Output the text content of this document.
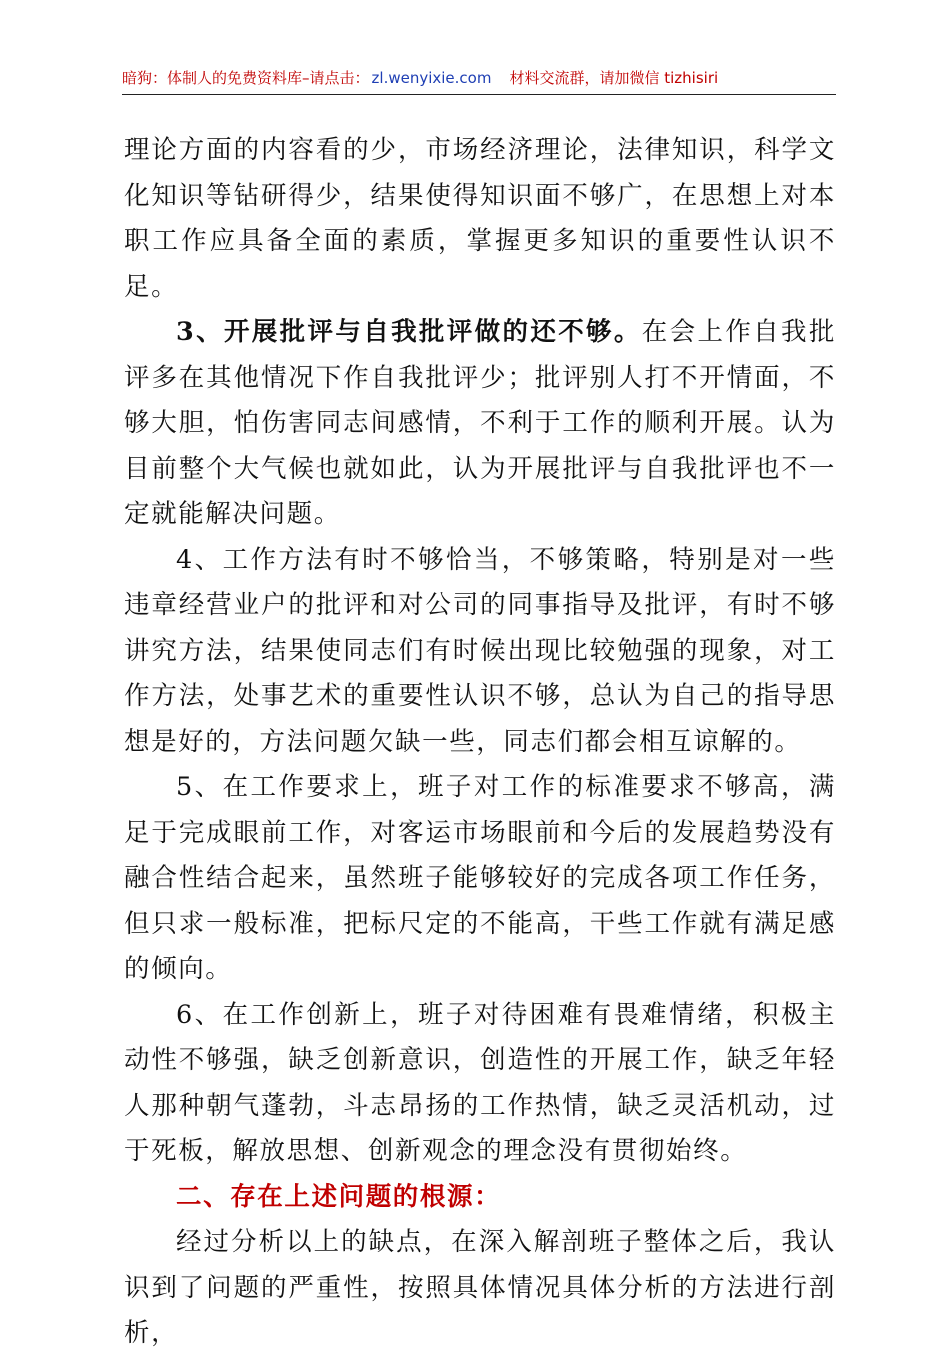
暗狗：体制人的免费资料库–请点击： zl.wenyixie.com 材料交流群，请加微信 tizhisiri

理论方面的内容看的少，市场经济理论，法律知识，科学文化知识等钻研得少，结果使得知识面不够广，在思想上对本职工作应具备全面的素质，掌握更多知识的重要性认识不足。

3、开展批评与自我批评做的还不够。在会上作自我批评多在其他情况下作自我批评少；批评别人打不开情面，不够大胆，怕伤害同志间感情，不利于工作的顺利开展。认为目前整个大气候也就如此，认为开展批评与自我批评也不一定就能解决问题。

4、工作方法有时不够恰当，不够策略，特别是对一些违章经营业户的批评和对公司的同事指导及批评，有时不够讲究方法，结果使同志们有时候出现比较勉强的现象，对工作方法，处事艺术的重要性认识不够，总认为自己的指导思想是好的，方法问题欠缺一些，同志们都会相互谅解的。

5、在工作要求上，班子对工作的标准要求不够高，满足于完成眼前工作，对客运市场眼前和今后的发展趋势没有融合性结合起来，虽然班子能够较好的完成各项工作任务，但只求一般标准，把标尺定的不能高，干些工作就有满足感的倾向。

6、在工作创新上，班子对待困难有畏难情绪，积极主动性不够强，缺乏创新意识，创造性的开展工作，缺乏年轻人那种朝气蓬勃，斗志昂扬的工作热情，缺乏灵活机动，过于死板，解放思想、创新观念的理念没有贯彻始终。

二、存在上述问题的根源：

经过分析以上的缺点，在深入解剖班子整体之后，我认识到了问题的严重性，按照具体情况具体分析的方法进行剖析，
